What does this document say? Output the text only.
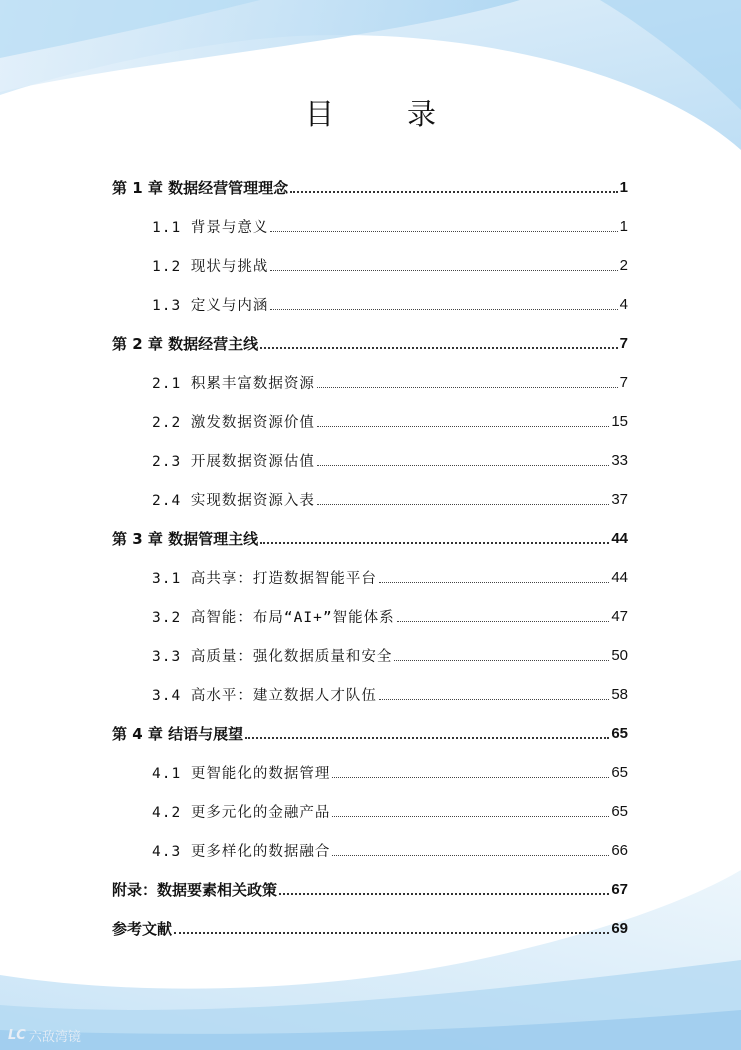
目　录
第 1 章 数据经营管理理念	1
1.1 背景与意义	1
1.2 现状与挑战	2
1.3 定义与内涵	4
第 2 章 数据经营主线	7
2.1 积累丰富数据资源	7
2.2 激发数据资源价值	15
2.3 开展数据资源估值	33
2.4 实现数据资源入表	37
第 3 章 数据管理主线	44
3.1 高共享：打造数据智能平台	44
3.2 高智能：布局“AI+”智能体系	47
3.3 高质量：强化数据质量和安全	50
3.4 高水平：建立数据人才队伍	58
第 4 章 结语与展望	65
4.1 更智能化的数据管理	65
4.2 更多元化的金融产品	65
4.3 更多样化的数据融合	66
附录：数据要素相关政策	67
参考文献	69
LC 六敌湾镜
